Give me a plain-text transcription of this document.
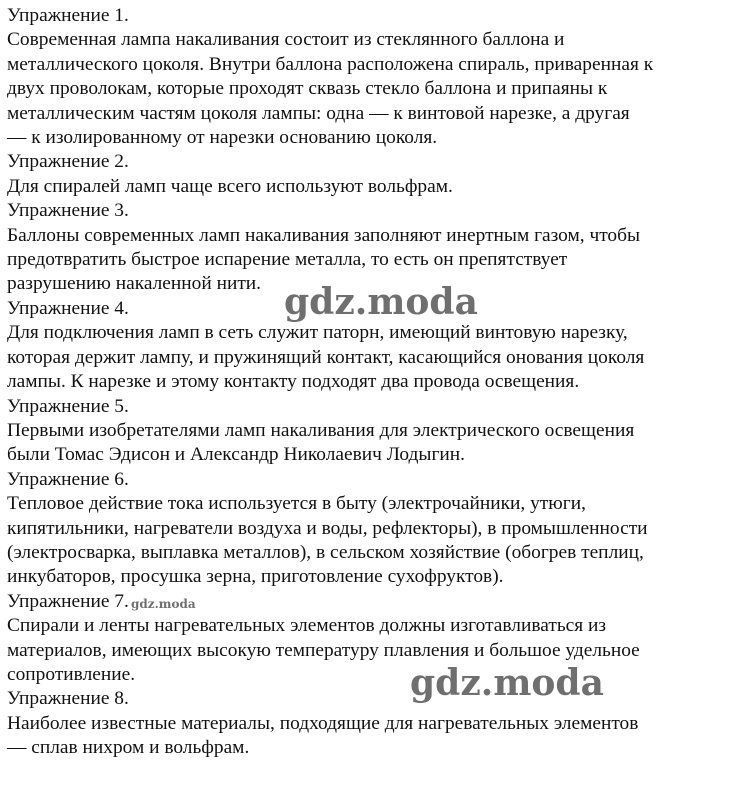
Упражнение 1.

Современная лампа накаливания состоит из стеклянного баллона и

металлического цоколя. Внутри баллона расположена спираль, приваренная к

двух проволокам, которые проходят сквазь стекло баллона и припаяны к

металлическим частям цоколя лампы: одна — к винтовой нарезке, а другая

— к изолированному от нарезки основанию цоколя.

Упражнение 2.

Для спиралей ламп чаще всего используют вольфрам.

Упражнение 3.

Баллоны современных ламп накаливания заполняют инертным газом, чтобы

предотвратить быстрое испарение металла, то есть он препятствует

разрушению накаленной нити.

Упражнение 4.

Для подключения ламп в сеть служит паторн, имеющий винтовую нарезку,

которая держит лампу, и пружинящий контакт, касающийся онования цоколя

лампы. К нарезке и этому контакту подходят два провода освещения.

Упражнение 5.

Первыми изобретателями ламп накаливания для электрического освещения

были Томас Эдисон и Александр Николаевич Лодыгин.

Упражнение 6.

Тепловое действие тока используется в быту (электрочайники, утюги,

кипятильники, нагреватели воздуха и воды, рефлекторы), в промышленности

(электросварка, выплавка металлов), в сельском хозяйствие (обогрев теплиц,

инкубаторов, просушка зерна, приготовление сухофруктов).

Упражнение 7.

Спирали и ленты нагревательных элементов должны изготавливаться из

материалов, имеющих высокую температуру плавления и большое удельное

сопротивление.

Упражнение 8.

Наиболее известные материалы, подходящие для нагревательных элементов

— сплав нихром и вольфрам.

gdz.moda
gdz.moda
gdz.moda
